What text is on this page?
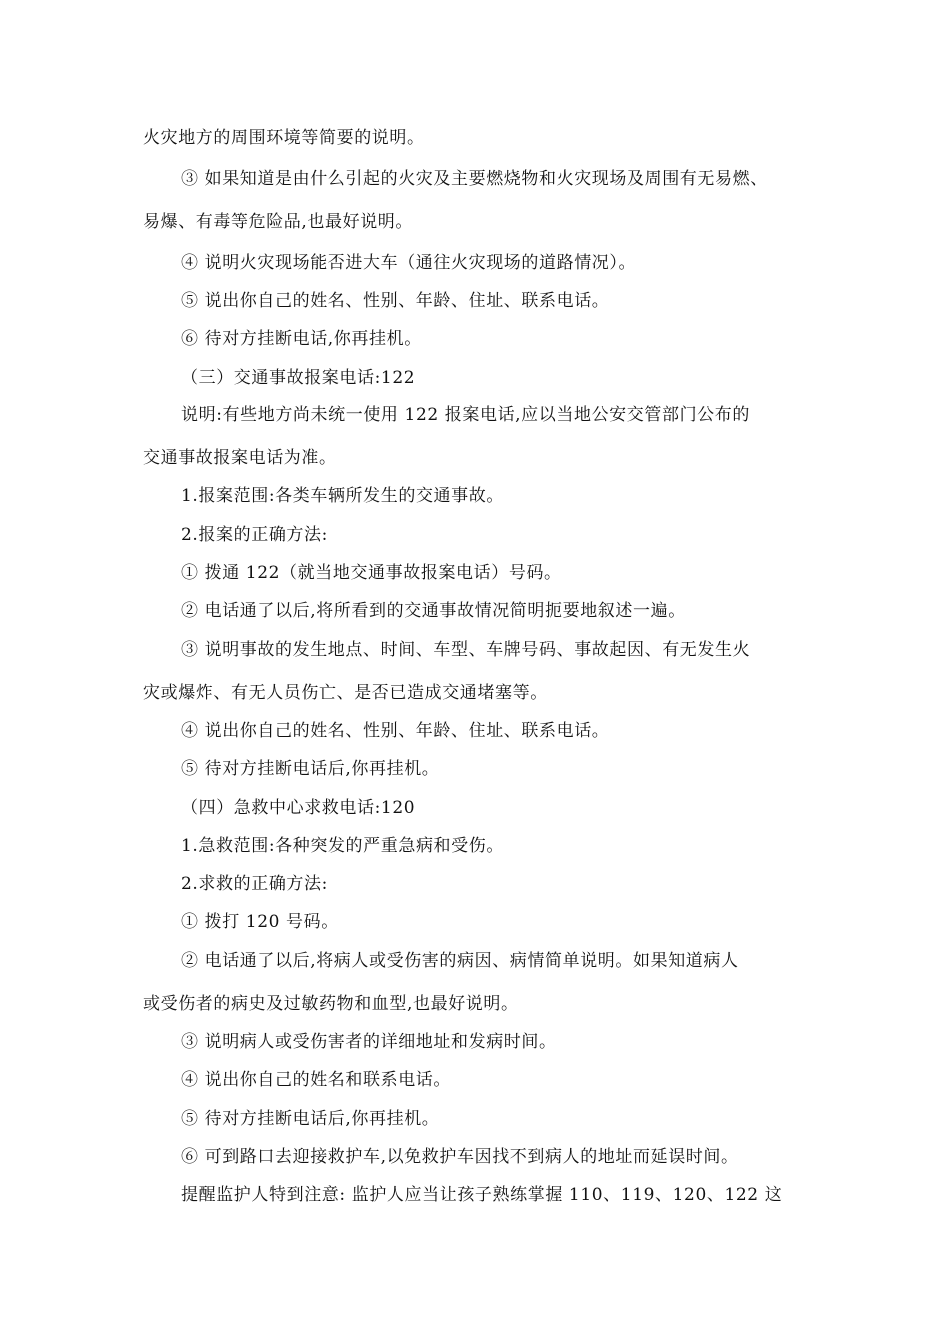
火灾地方的周围环境等简要的说明。

③ 如果知道是由什么引起的火灾及主要燃烧物和火灾现场及周围有无易燃、

易爆、有毒等危险品,也最好说明。

④ 说明火灾现场能否进大车（通往火灾现场的道路情况）。

⑤ 说出你自己的姓名、性别、年龄、住址、联系电话。

⑥ 待对方挂断电话,你再挂机。

（三）交通事故报案电话:122

说明:有些地方尚未统一使用 122 报案电话,应以当地公安交管部门公布的

交通事故报案电话为准。

1.报案范围:各类车辆所发生的交通事故。

2.报案的正确方法:

① 拨通 122（就当地交通事故报案电话）号码。

② 电话通了以后,将所看到的交通事故情况简明扼要地叙述一遍。

③ 说明事故的发生地点、时间、车型、车牌号码、事故起因、有无发生火

灾或爆炸、有无人员伤亡、是否已造成交通堵塞等。

④ 说出你自己的姓名、性别、年龄、住址、联系电话。

⑤ 待对方挂断电话后,你再挂机。

（四）急救中心求救电话:120

1.急救范围:各种突发的严重急病和受伤。

2.求救的正确方法:

① 拨打 120 号码。

② 电话通了以后,将病人或受伤害的病因、病情简单说明。如果知道病人

或受伤者的病史及过敏药物和血型,也最好说明。

③ 说明病人或受伤害者的详细地址和发病时间。

④ 说出你自己的姓名和联系电话。

⑤ 待对方挂断电话后,你再挂机。

⑥ 可到路口去迎接救护车,以免救护车因找不到病人的地址而延误时间。

提醒监护人特到注意: 监护人应当让孩子熟练掌握 110、119、120、122 这
